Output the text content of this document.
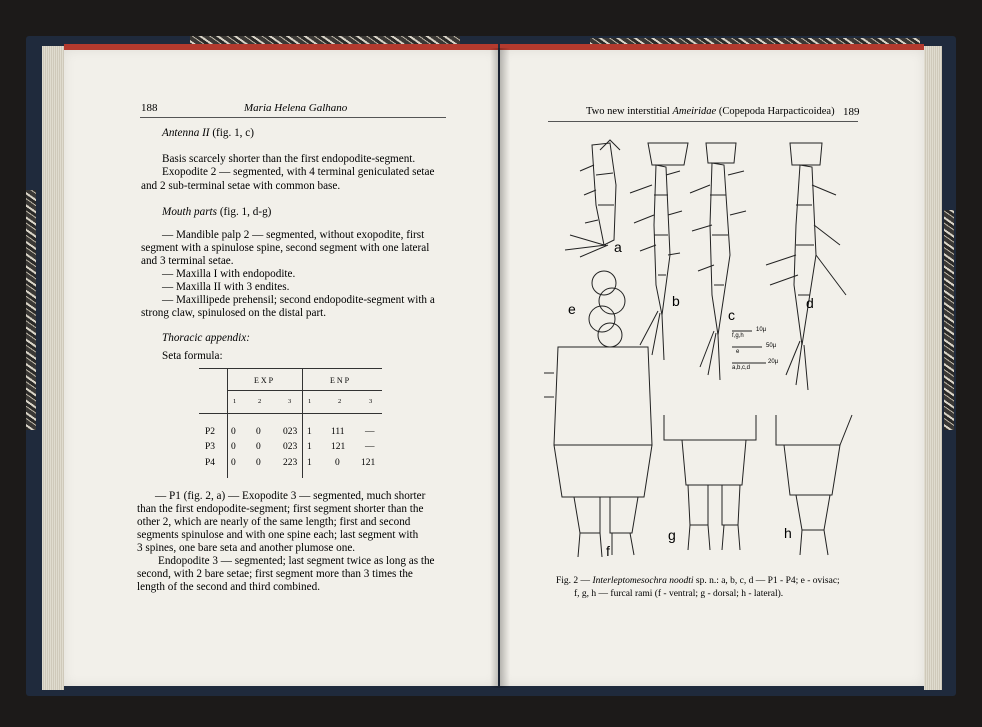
188	Maria Helena Galhano
Antenna II (fig. 1, c)
Basis scarcely shorter than the first endopodite-segment.
Exopodite 2 — segmented, with 4 terminal geniculated setae
and 2 sub-terminal setae with common base.
Mouth parts (fig. 1, d-g)
— Mandible palp 2 — segmented, without exopodite, first
segment with a spinulose spine, second segment with one lateral
and 3 terminal setae.
— Maxilla I with endopodite.
— Maxilla II with 3 endites.
— Maxillipede prehensil; second endopodite-segment with a
strong claw, spinulosed on the distal part.
Thoracic appendix:
Seta formula:
EXP	ENP
1	2	3	1	2	3
P2 0 0 023 1 111 —
P3 0 0 023 1 121 —
P4 0 0 223 1 0 121
— P1 (fig. 2, a) — Exopodite 3 — segmented, much shorter
than the first endopodite-segment; first segment shorter than the
other 2, which are nearly of the same length; first and second
segments spinulose and with one spine each; last segment with
3 spines, one bare seta and another plumose one.
Endopodite 3 — segmented; last segment twice as long as the
second, with 2 bare setae; first segment more than 3 times the
length of the second and third combined.
Two new interstitial Ameiridae (Copepoda Harpacticoidea) 189
a
b
c
d
e
f
g	h
f,g,h
10µ
e
50µ
a,b,c,d
20µ
Fig. 2 — Interleptomesochra noodti sp. n.: a, b, c, d — P1 - P4; e - ovisac;
f, g, h — furcal rami (f - ventral; g - dorsal; h - lateral).
